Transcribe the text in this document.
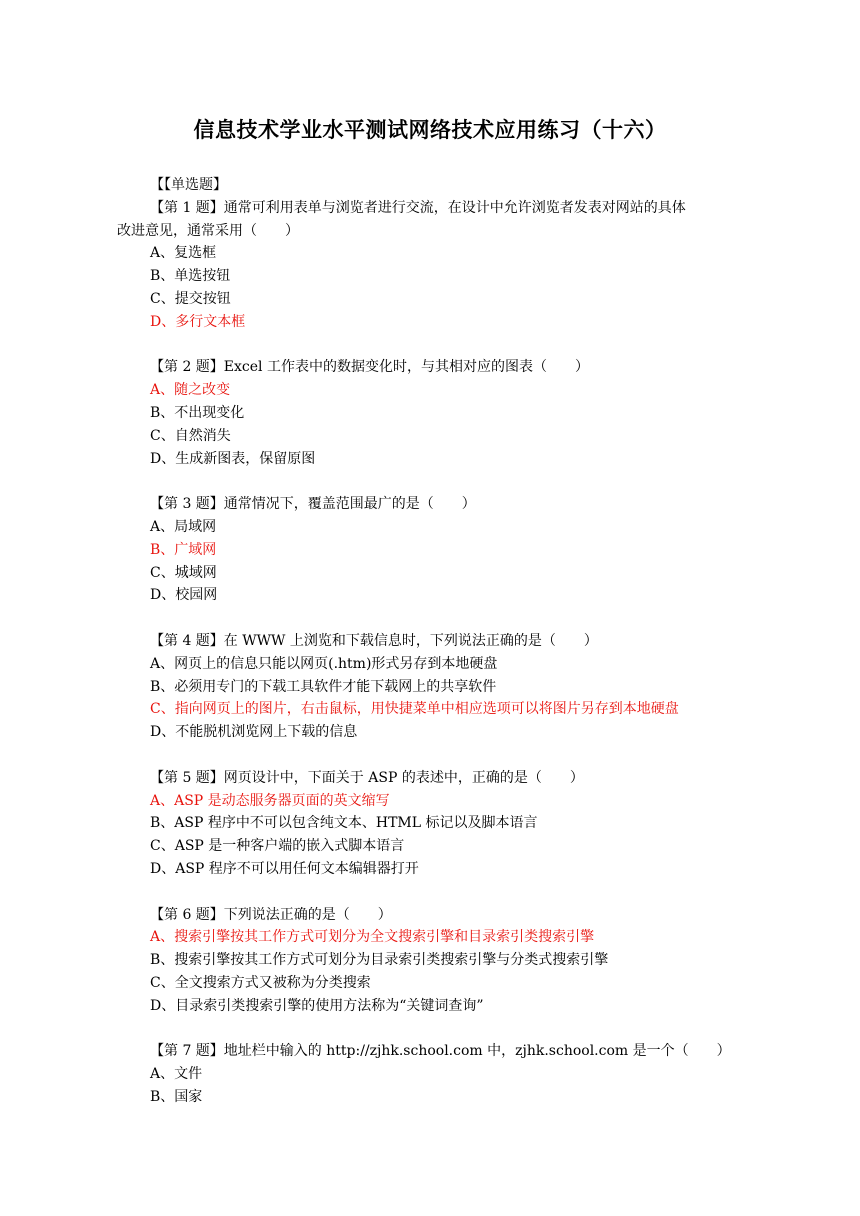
信息技术学业水平测试网络技术应用练习（十六）
【【单选题】
【第 1 题】通常可利用表单与浏览者进行交流，在设计中允许浏览者发表对网站的具体
改进意见，通常采用（　　）
A、复选框
B、单选按钮
C、提交按钮
D、多行文本框
【第 2 题】Excel 工作表中的数据变化时，与其相对应的图表（　　）
A、随之改变
B、不出现变化
C、自然消失
D、生成新图表，保留原图
【第 3 题】通常情况下，覆盖范围最广的是（　　）
A、局域网
B、广域网
C、城域网
D、校园网
【第 4 题】在 WWW 上浏览和下载信息时，下列说法正确的是（　　）
A、网页上的信息只能以网页(.htm)形式另存到本地硬盘
B、必须用专门的下载工具软件才能下载网上的共享软件
C、指向网页上的图片，右击鼠标，用快捷菜单中相应选项可以将图片另存到本地硬盘
D、不能脱机浏览网上下载的信息
【第 5 题】网页设计中，下面关于 ASP 的表述中，正确的是（　　）
A、ASP 是动态服务器页面的英文缩写
B、ASP 程序中不可以包含纯文本、HTML 标记以及脚本语言
C、ASP 是一种客户端的嵌入式脚本语言
D、ASP 程序不可以用任何文本编辑器打开
【第 6 题】下列说法正确的是（　　）
A、搜索引擎按其工作方式可划分为全文搜索引擎和目录索引类搜索引擎
B、搜索引擎按其工作方式可划分为目录索引类搜索引擎与分类式搜索引擎
C、全文搜索方式又被称为分类搜索
D、目录索引类搜索引擎的使用方法称为“关键词查询”
【第 7 题】地址栏中输入的 http://zjhk.school.com 中，zjhk.school.com 是一个（　　）
A、文件
B、国家
